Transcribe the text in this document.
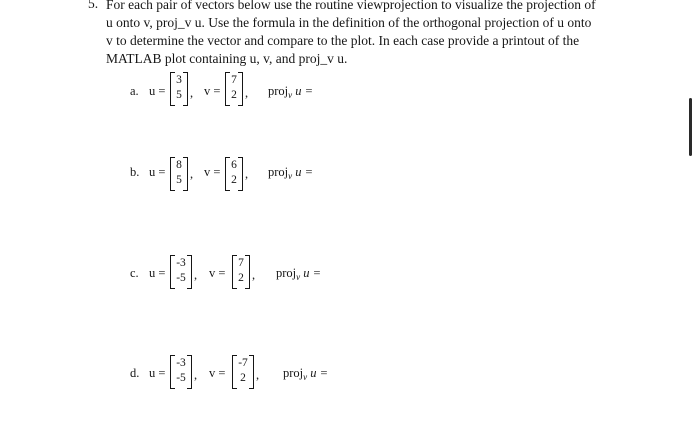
5. For each pair of vectors below use the routine viewprojection to visualize the projection of
u onto v, proj_v u. Use the formula in the definition of the orthogonal projection of u onto
v to determine the vector and compare to the plot. In each case provide a printout of the
MATLAB plot containing u, v, and proj_v u.
a. u =
3
5 , v =
7
2 , proj$_v$ u =
b. u = 8
5 , v = 6
2 , proj$_v$ u =
c. u =
-3
-5 , v =
7
2 , proj$_v$ u =
d. u =
-3
-5 , v =
-7
2 , proj$_v$ u =
